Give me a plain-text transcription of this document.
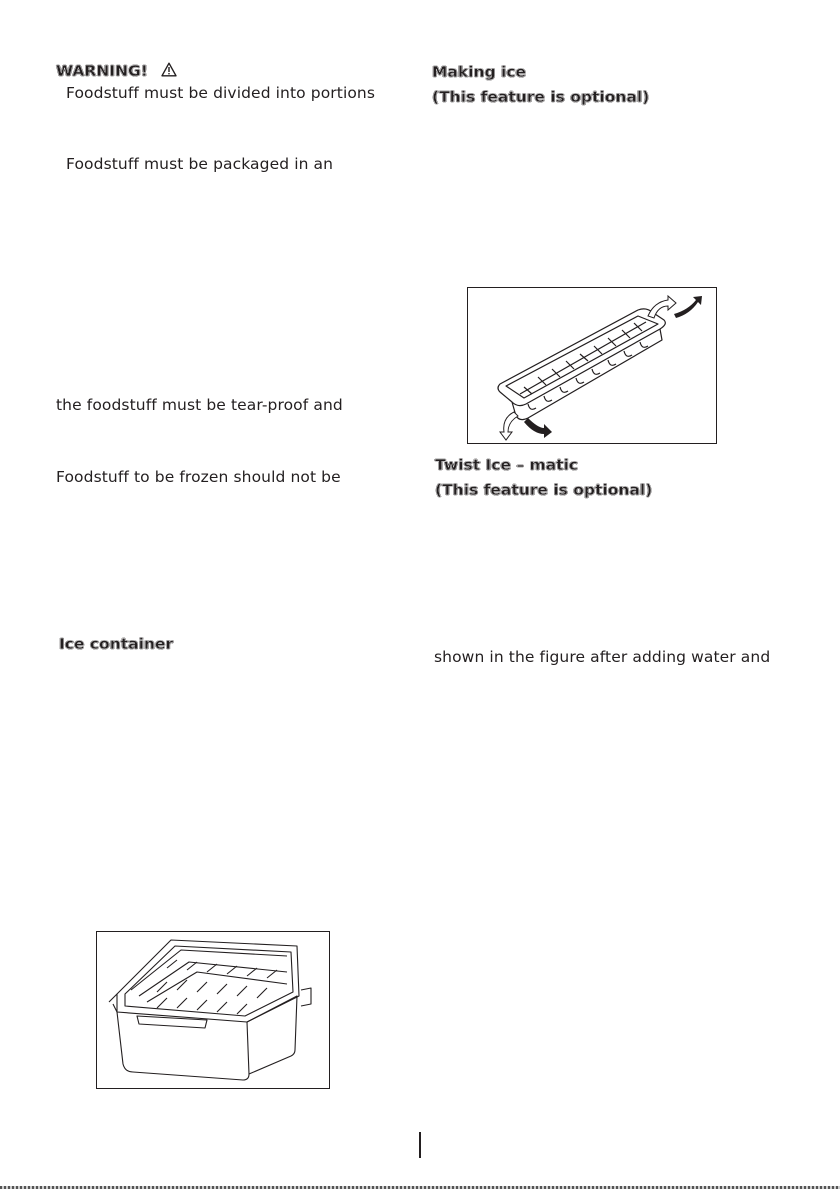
WARNING!
Foodstuff must be divided into portions
Foodstuff must be packaged in an
the foodstuff must be tear-proof and
Foodstuff to be frozen should not be
Ice container
Making ice
(This feature is optional)
Twist Ice – matic
(This feature is optional)
shown in the figure after adding water and
